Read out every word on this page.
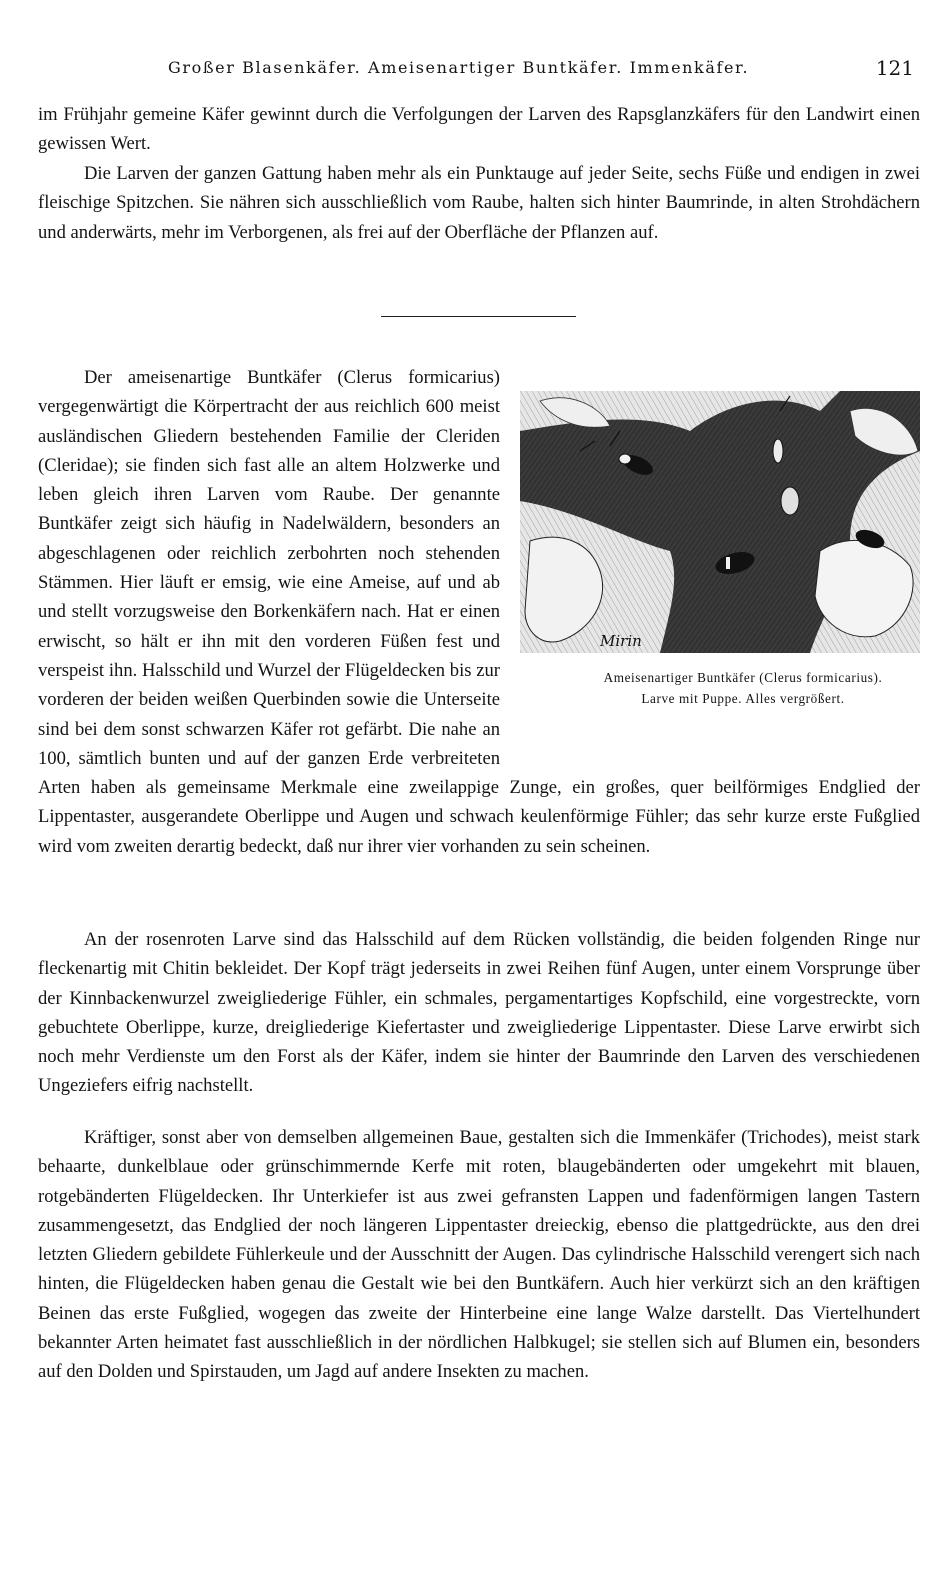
Großer Blasenkäfer. Ameisenartiger Buntkäfer. Immenkäfer.	121

im Frühjahr gemeine Käfer gewinnt durch die Verfolgungen der Larven des Rapsglanzkäfers für den Landwirt einen gewissen Wert.

Die Larven der ganzen Gattung haben mehr als ein Punktauge auf jeder Seite, sechs Füße und endigen in zwei fleischige Spitzchen. Sie nähren sich ausschließlich vom Raube, halten sich hinter Baumrinde, in alten Strohdächern und anderwärts, mehr im Verborgenen, als frei auf der Oberfläche der Pflanzen auf.

Mirin
Ameisenartiger Buntkäfer (Clerus formicarius).
Larve mit Puppe. Alles vergrößert.
Der ameisenartige Buntkäfer (Clerus formicarius) vergegenwärtigt die Körpertracht der aus reichlich 600 meist ausländischen Gliedern bestehenden Familie der Cleriden (Cleridae); sie finden sich fast alle an altem Holzwerke und leben gleich ihren Larven vom Raube. Der genannte Buntkäfer zeigt sich häufig in Nadelwäldern, besonders an abgeschlagenen oder reichlich zerbohrten noch stehenden Stämmen. Hier läuft er emsig, wie eine Ameise, auf und ab und stellt vorzugsweise den Borkenkäfern nach. Hat er einen erwischt, so hält er ihn mit den vorderen Füßen fest und verspeist ihn. Halsschild und Wurzel der Flügeldecken bis zur vorderen der beiden weißen Querbinden sowie die Unterseite sind bei dem sonst schwarzen Käfer rot gefärbt. Die nahe an 100, sämtlich bunten und auf der ganzen Erde verbreiteten Arten haben als gemeinsame Merkmale eine zweilappige Zunge, ein großes, quer beilförmiges Endglied der Lippentaster, ausgerandete Oberlippe und Augen und schwach keulenförmige Fühler; das sehr kurze erste Fußglied wird vom zweiten derartig bedeckt, daß nur ihrer vier vorhanden zu sein scheinen.

An der rosenroten Larve sind das Halsschild auf dem Rücken vollständig, die beiden folgenden Ringe nur fleckenartig mit Chitin bekleidet. Der Kopf trägt jederseits in zwei Reihen fünf Augen, unter einem Vorsprunge über der Kinnbackenwurzel zweigliederige Fühler, ein schmales, pergamentartiges Kopfschild, eine vorgestreckte, vorn gebuchtete Oberlippe, kurze, dreigliederige Kiefertaster und zweigliederige Lippentaster. Diese Larve erwirbt sich noch mehr Verdienste um den Forst als der Käfer, indem sie hinter der Baumrinde den Larven des verschiedenen Ungeziefers eifrig nachstellt.

Kräftiger, sonst aber von demselben allgemeinen Baue, gestalten sich die Immenkäfer (Trichodes), meist stark behaarte, dunkelblaue oder grünschimmernde Kerfe mit roten, blaugebänderten oder umgekehrt mit blauen, rotgebänderten Flügeldecken. Ihr Unterkiefer ist aus zwei gefransten Lappen und fadenförmigen langen Tastern zusammengesetzt, das Endglied der noch längeren Lippentaster dreieckig, ebenso die plattgedrückte, aus den drei letzten Gliedern gebildete Fühlerkeule und der Ausschnitt der Augen. Das cylindrische Halsschild verengert sich nach hinten, die Flügeldecken haben genau die Gestalt wie bei den Buntkäfern. Auch hier verkürzt sich an den kräftigen Beinen das erste Fußglied, wogegen das zweite der Hinterbeine eine lange Walze darstellt. Das Viertelhundert bekannter Arten heimatet fast ausschließlich in der nördlichen Halbkugel; sie stellen sich auf Blumen ein, besonders auf den Dolden und Spirstauden, um Jagd auf andere Insekten zu machen.
